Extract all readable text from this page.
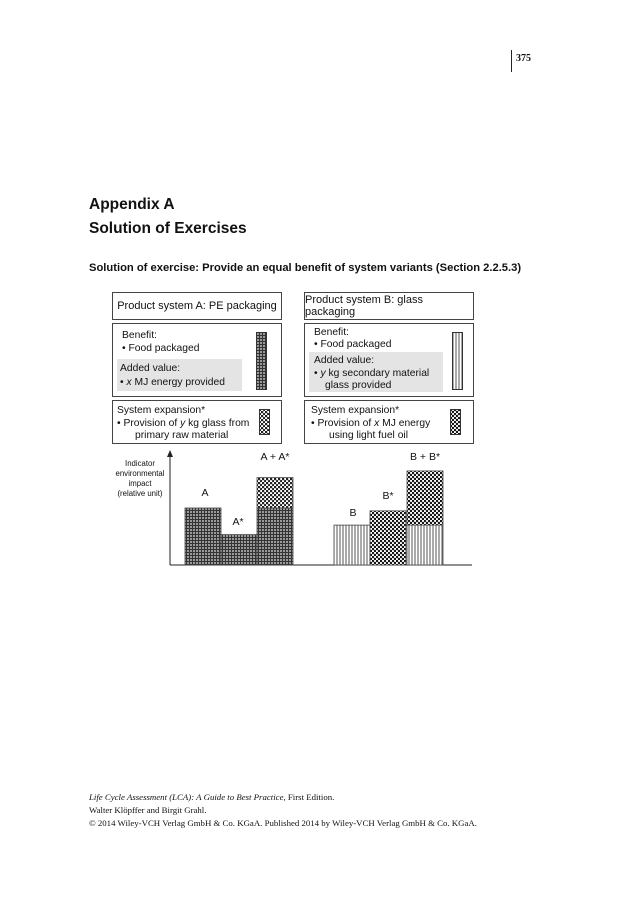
375
Appendix A
Solution of Exercises
Solution of exercise: Provide an equal benefit of system variants (Section 2.2.5.3)
Product system A: PE packaging
Benefit:
• Food packaged
Added value:
• x MJ energy provided
System expansion*
• Provision of y kg glass from
primary raw material
Product system B: glass packaging
Benefit:
• Food packaged
Added value:
• y kg secondary material
glass provided
System expansion*
• Provision of x MJ energy
using light fuel oil
Indicator
environmental
impact
(relative unit)	A
A*
A + A*
B
B*
B + B*
Life Cycle Assessment (LCA): A Guide to Best Practice, First Edition.
Walter Klöpffer and Birgit Grahl.
© 2014 Wiley-VCH Verlag GmbH & Co. KGaA. Published 2014 by Wiley-VCH Verlag GmbH & Co. KGaA.
